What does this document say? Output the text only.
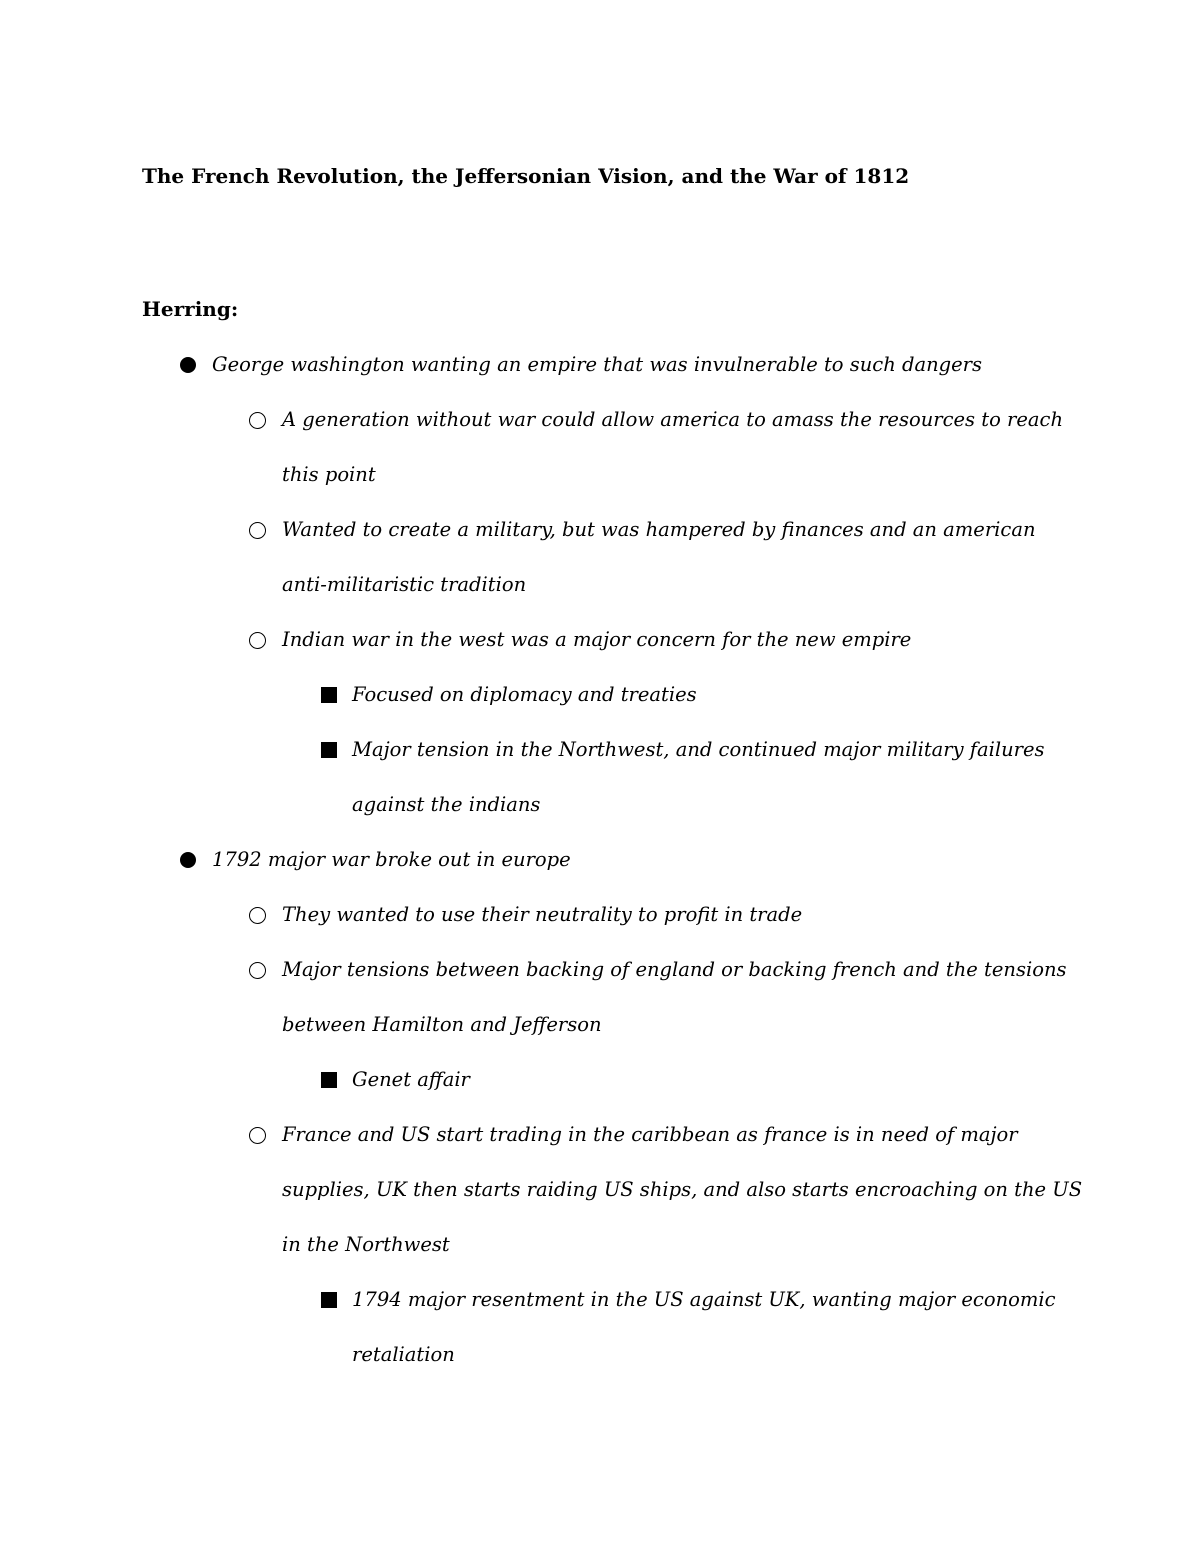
The French Revolution, the Jeffersonian Vision, and the War of 1812
Herring:
George washington wanting an empire that was invulnerable to such dangers
A generation without war could allow america to amass the resources to reach
this point
Wanted to create a military, but was hampered by finances and an american
anti-militaristic tradition
Indian war in the west was a major concern for the new empire
Focused on diplomacy and treaties
Major tension in the Northwest, and continued major military failures
against the indians
1792 major war broke out in europe
They wanted to use their neutrality to profit in trade
Major tensions between backing of england or backing french and the tensions
between Hamilton and Jefferson
Genet affair
France and US start trading in the caribbean as france is in need of major
supplies, UK then starts raiding US ships, and also starts encroaching on the US
in the Northwest
1794 major resentment in the US against UK, wanting major economic
retaliation
